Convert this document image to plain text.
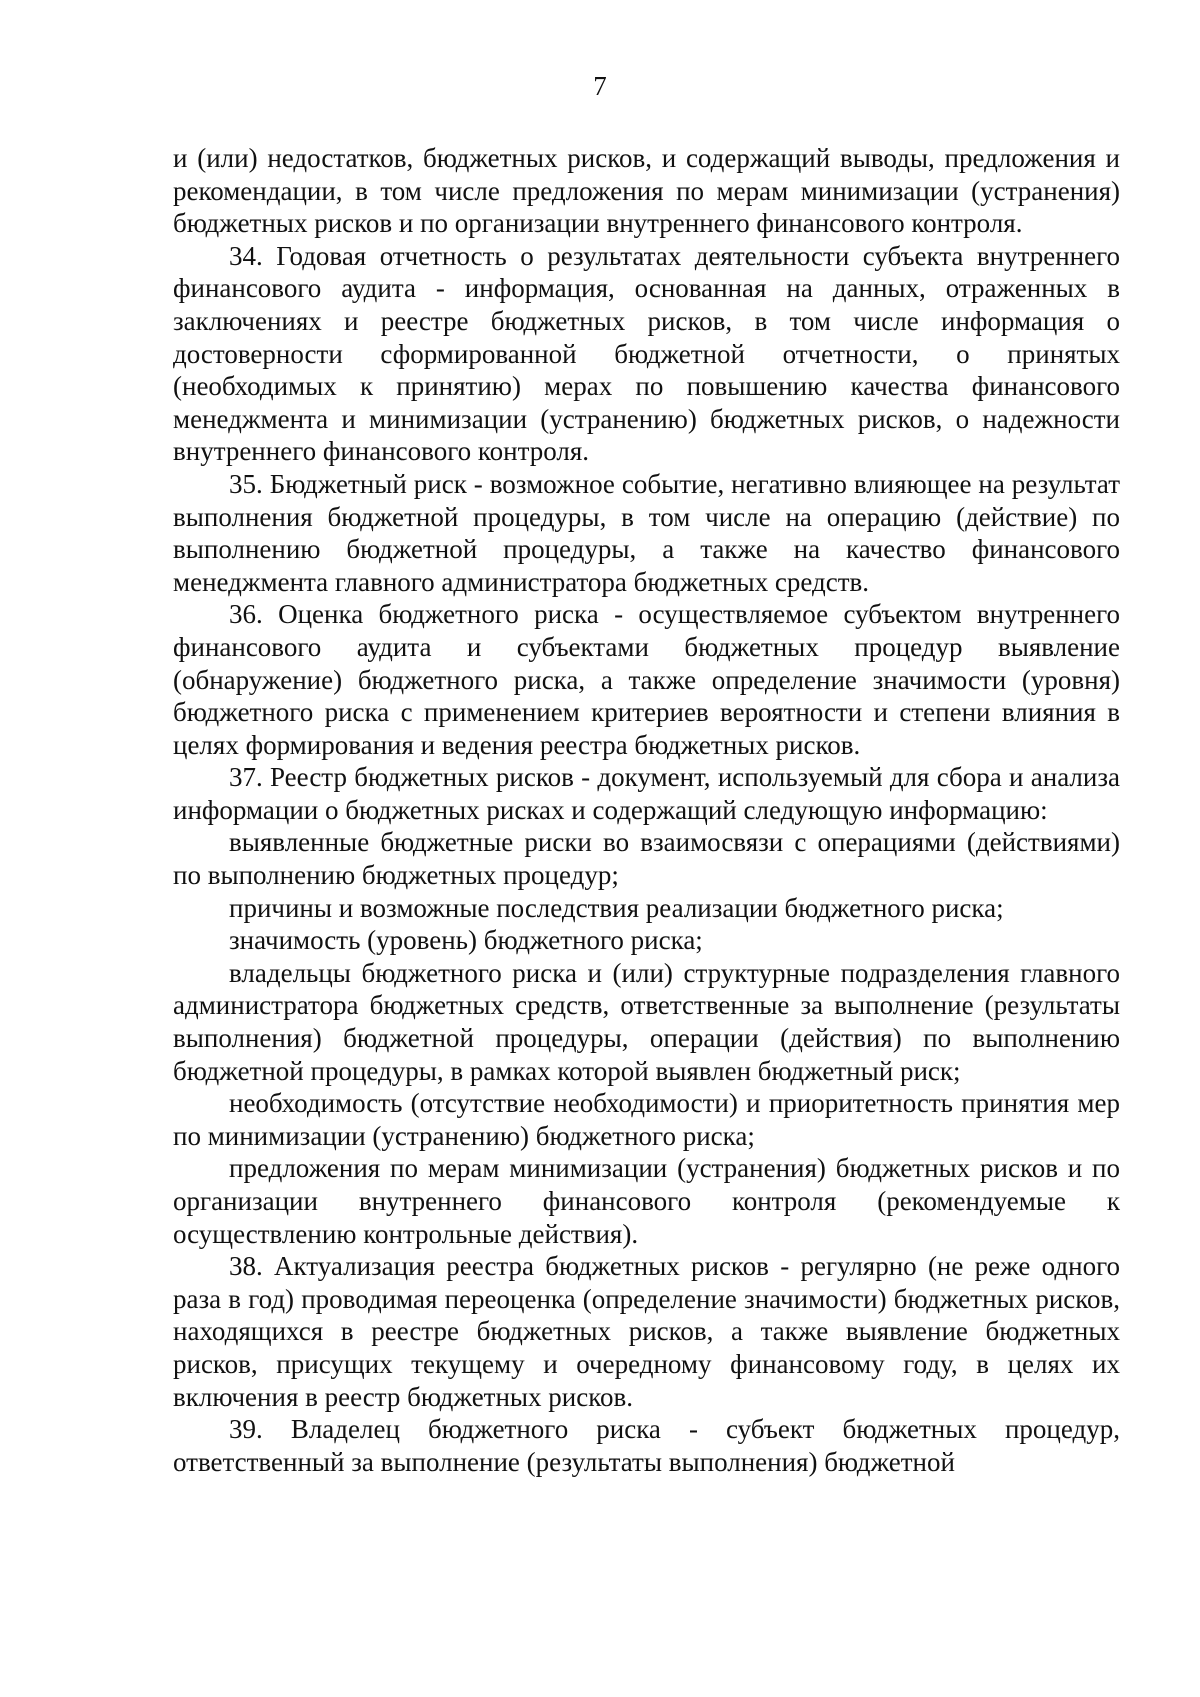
7

и (или) недостатков, бюджетных рисков, и содержащий выводы, предложения и рекомендации, в том числе предложения по мерам минимизации (устранения) бюджетных рисков и по организации внутреннего финансового контроля.

34. Годовая отчетность о результатах деятельности субъекта внутреннего финансового аудита - информация, основанная на данных, отраженных в заключениях и реестре бюджетных рисков, в том числе информация о достоверности сформированной бюджетной отчетности, о принятых (необходимых к принятию) мерах по повышению качества финансового менеджмента и минимизации (устранению) бюджетных рисков, о надежности внутреннего финансового контроля.

35. Бюджетный риск - возможное событие, негативно влияющее на результат выполнения бюджетной процедуры, в том числе на операцию (действие) по выполнению бюджетной процедуры, а также на качество финансового менеджмента главного администратора бюджетных средств.

36. Оценка бюджетного риска - осуществляемое субъектом внутреннего финансового аудита и субъектами бюджетных процедур выявление (обнаружение) бюджетного риска, а также определение значимости (уровня) бюджетного риска с применением критериев вероятности и степени влияния в целях формирования и ведения реестра бюджетных рисков.

37. Реестр бюджетных рисков - документ, используемый для сбора и анализа информации о бюджетных рисках и содержащий следующую информацию:

выявленные бюджетные риски во взаимосвязи с операциями (действиями) по выполнению бюджетных процедур;

причины и возможные последствия реализации бюджетного риска;

значимость (уровень) бюджетного риска;

владельцы бюджетного риска и (или) структурные подразделения главного администратора бюджетных средств, ответственные за выполнение (результаты выполнения) бюджетной процедуры, операции (действия) по выполнению бюджетной процедуры, в рамках которой выявлен бюджетный риск;

необходимость (отсутствие необходимости) и приоритетность принятия мер по минимизации (устранению) бюджетного риска;

предложения по мерам минимизации (устранения) бюджетных рисков и по организации внутреннего финансового контроля (рекомендуемые к осуществлению контрольные действия).

38. Актуализация реестра бюджетных рисков - регулярно (не реже одного раза в год) проводимая переоценка (определение значимости) бюджетных рисков, находящихся в реестре бюджетных рисков, а также выявление бюджетных рисков, присущих текущему и очередному финансовому году, в целях их включения в реестр бюджетных рисков.

39. Владелец бюджетного риска - субъект бюджетных процедур, ответственный за выполнение (результаты выполнения) бюджетной
